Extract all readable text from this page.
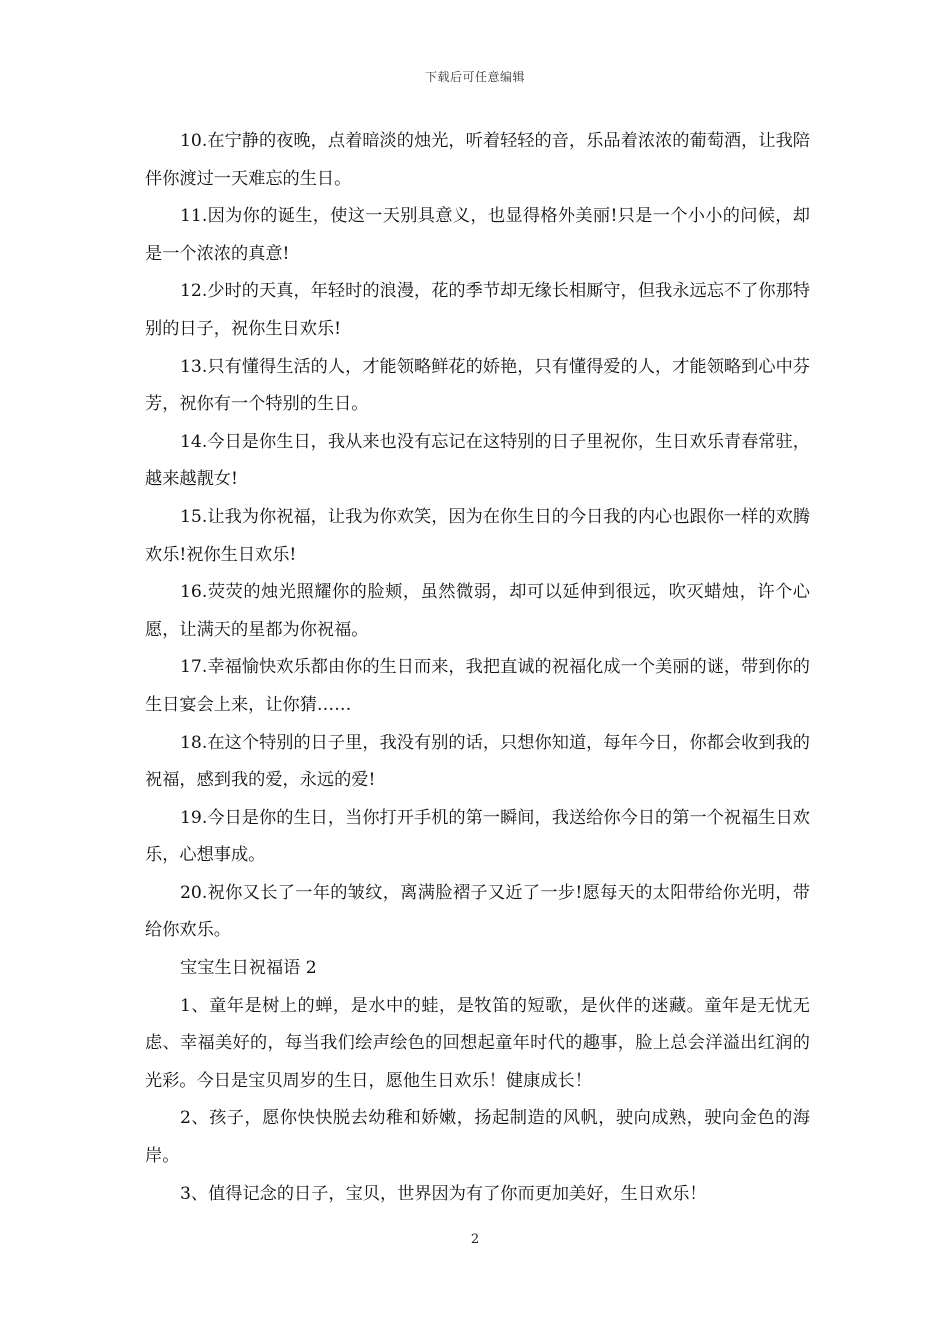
下载后可任意编辑

10.在宁静的夜晚，点着暗淡的烛光，听着轻轻的音，乐品着浓浓的葡萄酒，让我陪伴你渡过一天难忘的生日。

11.因为你的诞生，使这一天别具意义，也显得格外美丽!只是一个小小的问候，却是一个浓浓的真意!

12.少时的天真，年轻时的浪漫，花的季节却无缘长相厮守，但我永远忘不了你那特别的日子，祝你生日欢乐!

13.只有懂得生活的人，才能领略鲜花的娇艳，只有懂得爱的人，才能领略到心中芬芳，祝你有一个特别的生日。

14.今日是你生日，我从来也没有忘记在这特别的日子里祝你，生日欢乐青春常驻，越来越靓女!

15.让我为你祝福，让我为你欢笑，因为在你生日的今日我的内心也跟你一样的欢腾欢乐!祝你生日欢乐!

16.荧荧的烛光照耀你的脸颊，虽然微弱，却可以延伸到很远，吹灭蜡烛，许个心愿，让满天的星都为你祝福。

17.幸福愉快欢乐都由你的生日而来，我把直诚的祝福化成一个美丽的谜，带到你的生日宴会上来，让你猜……

18.在这个特别的日子里，我没有别的话，只想你知道，每年今日，你都会收到我的祝福，感到我的爱，永远的爱!

19.今日是你的生日，当你打开手机的第一瞬间，我送给你今日的第一个祝福生日欢乐，心想事成。

20.祝你又长了一年的皱纹，离满脸褶子又近了一步!愿每天的太阳带给你光明，带给你欢乐。

宝宝生日祝福语 2

1、童年是树上的蝉，是水中的蛙，是牧笛的短歌，是伙伴的迷藏。童年是无忧无虑、幸福美好的，每当我们绘声绘色的回想起童年时代的趣事，脸上总会洋溢出红润的光彩。今日是宝贝周岁的生日，愿他生日欢乐！健康成长！

2、孩子，愿你快快脱去幼稚和娇嫩，扬起制造的风帆，驶向成熟，驶向金色的海岸。

3、值得记念的日子，宝贝，世界因为有了你而更加美好，生日欢乐！

2
